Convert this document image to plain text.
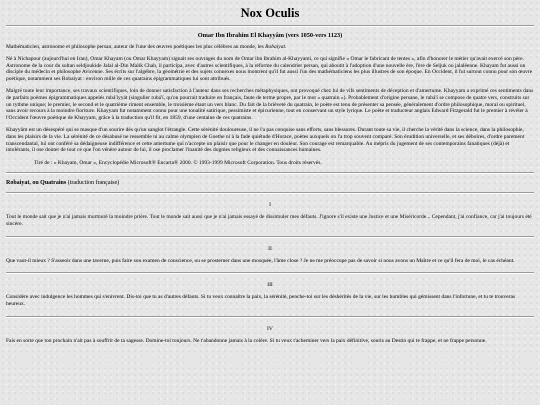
Nox Oculis
Omar Ibn Ibrahim El Khayyâm (vers 1050-vers 1123)

Mathématicien, astronome et philosophe persan, auteur de l'une des œuvres poétiques les plus célèbres au monde, les Robaiyat.

Né à Nichapour (aujourd'hui en Iran), Omar Khayam (ou Omar Khayyam) signait ses ouvrages du nom de Omar ibn Ibrahim al-Khayyami, ce qui signifie « Omar le fabricant de tentes », afin d'honorer le métier qu'avait exercé son père. Astronome de la cour du sultan seldjoukide Jalal al-Din Malik Chah, il participa, avec d'autres scientifiques, à la réforme du calendrier persan, qui aboutit à l'adoption d'une nouvelle ère, l'ère de Seljuk ou jalaléenne. Khayam fut aussi un disciple du médecin et philosophe Avicenne. Ses écrits sur l'algèbre, la géométrie et des sujets connexes nous montrent qu'il fut aussi l'un des mathématiciens les plus illustres de son époque. En Occident, il fut surtout connu pour son œuvre poétique, notamment ses Robaiyat : environ mille de ces quatrains épigrammatiques lui sont attribués.

Malgré toute leur importance, ses travaux scientifiques, loin de donner satisfaction à l'auteur dans ses recherches métaphysiques, ont provoqué chez lui de vifs sentiments de déception et d'amertume. Khayyam a exprimé ces sentiments dans de parfaits poèmes épigrammatiques appelés rubá'iyyát (singulier rubá'í, qu'on pourrait traduire en français, faute de terme propre, par le mot « quatrain »). Probablement d'origine persane, le rubá'í se compose de quatre vers, construits sur un rythme unique; le premier, le second et le quatrième riment ensemble, le troisième étant un vers blanc. Du fait de la brièveté du quatrain, le poète est tenu de présenter sa pensée, généralement d'ordre philosophique, moral ou spirituel, sans avoir recours à la moindre fioriture. Khayyam fut notamment connu pour une tonalité satirique, pessimiste et épicurienne, tout en conservant un style lyrique. Le poète et traducteur anglais Edward Fitzgerald fut le premier à révéler à l'Occident l'œuvre poétique de Khayyam, grâce à la traduction qu'il fit, en 1859, d'une centaine de ces quatrains.

Khayyâm est un désespéré qui se masque d'un sourire dès qu'un sanglot l'étrangle. Cette sérénité douloureuse, il ne l'a pas conquise sans efforts, sans blessures. Durant toute sa vie, il cherche la vérité dans la science, dans la philosophie, dans les plaisirs de la vie. La sérénité de ce désabusé ne ressemble ni au calme olympien de Goethe ni à la fade quiétude d'Horace, poètes auxquels on l'a trop souvent comparé. Son érudition universelle, et ses déboires, d'ordre parement transcendantal, lui ont conféré sa dédaigneuse indifférence et cette amertume qui n'accepte un plaisir que pour le changer en douleur. Son courage est remarquable. Au mépris du jugement de ses contemporains fanatiques (déjà) et intolérants, il ose douter de tout ce que l'on vénère autour de lui, il ose proclamer l'inanité des dogmes religieux et des connaissances humaines.

Tiré de : « Khayam, Omar », Encyclopédie Microsoft® Encarta® 2000. © 1993-1999 Microsoft Corporation. Tous droits réservés.

Robaiyat, ou Quatrains (traduction française)
I

Tout le monde sait que je n'ai jamais murmuré la moindre prière. Tout le monde sait aussi que je n'ai jamais essayé de dissimuler mes défauts. J'ignore s'il existe une Justice et une Miséricorde... Cependant, j'ai confiance, car j'ai toujours été sincère.

II

Que vaut-il mieux ? S'asseoir dans une taverne, puis faire son examen de conscience, ou se prosterner dans une mosquée, l'âme close ? Je ne me préoccupe pas de savoir si nous avons un Maître et ce qu'il fera de moi, le cas échéant.

III

Considère avec indulgence les hommes qui s'enivrent. Dis-toi que tu as d'autres défauts. Si tu veux connaître la paix, la sérénité, penche-toi sur les déshérités de la vie, sur les humbles qui gémissent dans l'infortune, et tu te trouveras heureux.

IV

Fais en sorte que ton prochain n'ait pas à souffrir de ta sagesse. Domine-toi toujours. Ne t'abandonne jamais à la colère. Si tu veux t'acheminer vers la paix définitive, souris au Destin qui te frappe, et ne frappe personne.
